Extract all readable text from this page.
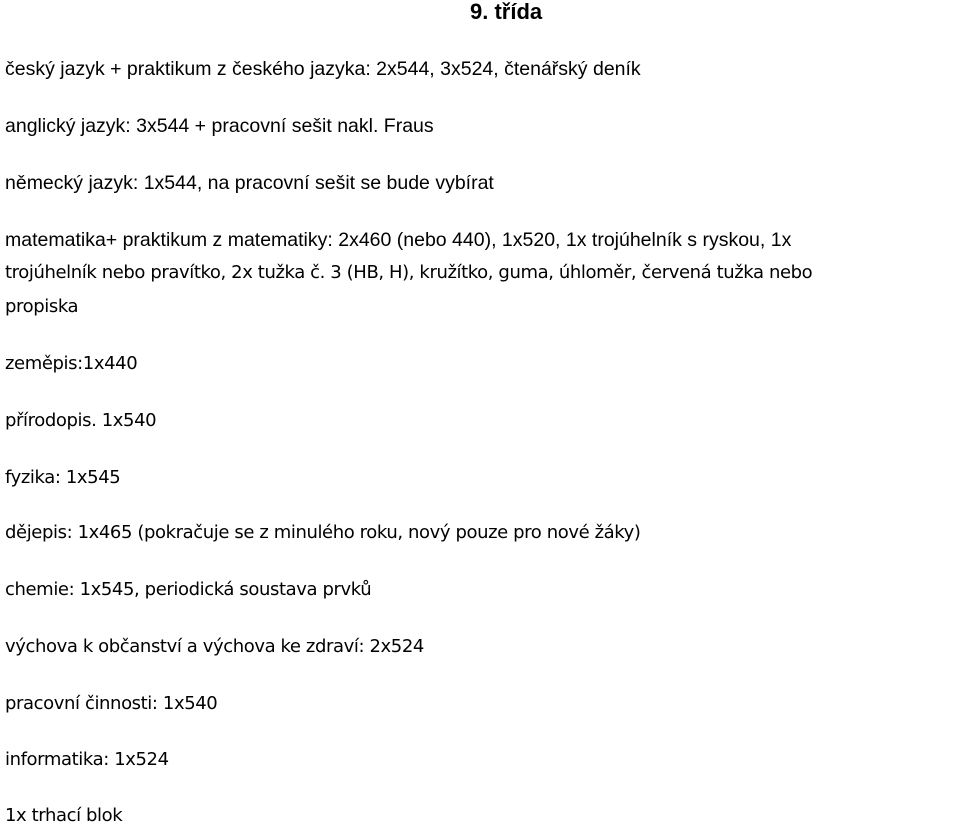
9. třída

český jazyk + praktikum z českého jazyka: 2x544, 3x524, čtenářský deník

anglický jazyk: 3x544 + pracovní sešit nakl. Fraus

německý jazyk: 1x544, na pracovní sešit se bude vybírat

matematika+ praktikum z matematiky: 2x460 (nebo 440), 1x520, 1x trojúhelník s ryskou, 1x

trojúhelník nebo pravítko, 2x tužka č. 3 (HB, H), kružítko, guma, úhloměr, červená tužka nebo

propiska

zeměpis:1x440

přírodopis. 1x540

fyzika: 1x545

dějepis: 1x465 (pokračuje se z minulého roku, nový pouze pro nové žáky)

chemie: 1x545, periodická soustava prvků

výchova k občanství a výchova ke zdraví: 2x524

pracovní činnosti: 1x540

informatika: 1x524

1x trhací blok
